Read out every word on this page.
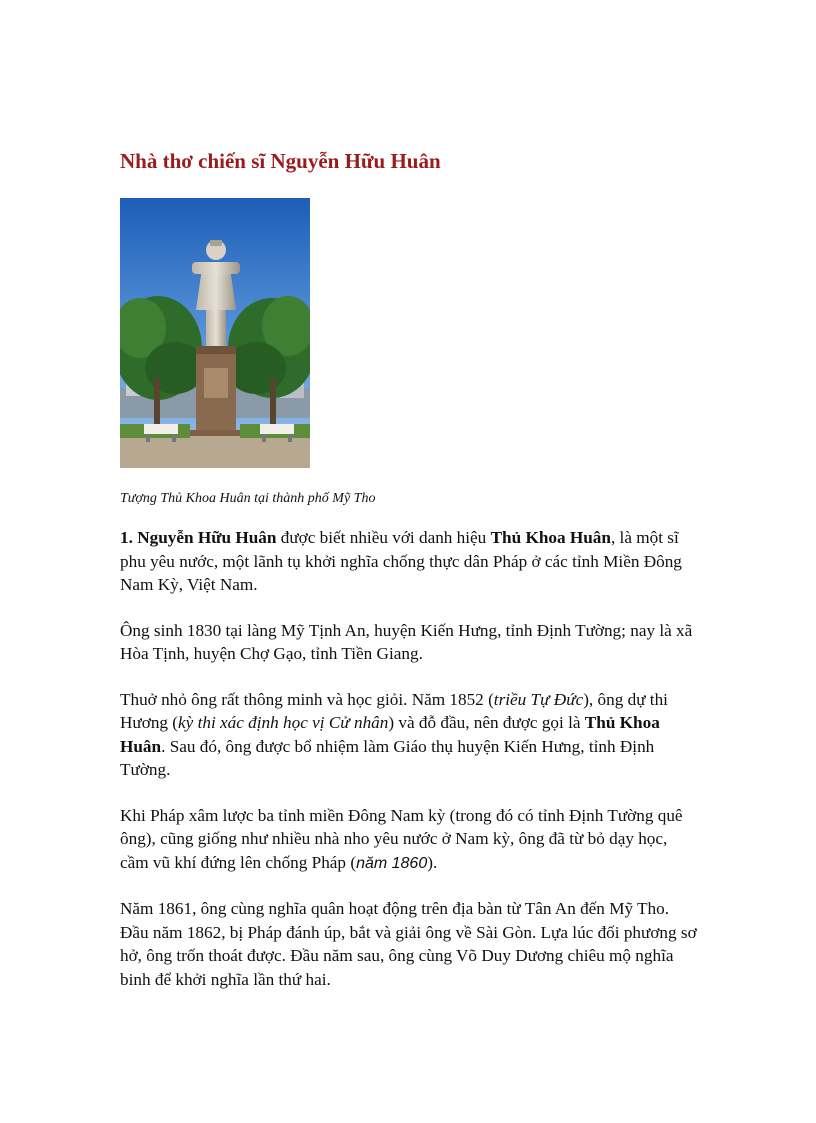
Nhà thơ chiến sĩ Nguyễn Hữu Huân
Tượng Thủ Khoa Huân tại thành phố Mỹ Tho

1. Nguyễn Hữu Huân được biết nhiều với danh hiệu Thủ Khoa Huân, là một sĩ phu yêu nước, một lãnh tụ khởi nghĩa chống thực dân Pháp ở các tỉnh Miền Đông Nam Kỳ, Việt Nam.

Ông sinh 1830 tại làng Mỹ Tịnh An, huyện Kiến Hưng, tỉnh Định Tường; nay là xã Hòa Tịnh, huyện Chợ Gạo, tỉnh Tiền Giang.

Thuở nhỏ ông rất thông minh và học giỏi. Năm 1852 (triều Tự Đức), ông dự thi Hương (kỳ thi xác định học vị Cử nhân) và đỗ đầu, nên được gọi là Thủ Khoa Huân. Sau đó, ông được bổ nhiệm làm Giáo thụ huyện Kiến Hưng, tỉnh Định Tường.

Khi Pháp xâm lược ba tỉnh miền Đông Nam kỳ (trong đó có tỉnh Định Tường quê ông), cũng giống như nhiều nhà nho yêu nước ở Nam kỳ, ông đã từ bỏ dạy học, cầm vũ khí đứng lên chống Pháp (năm 1860).

Năm 1861, ông cùng nghĩa quân hoạt động trên địa bàn từ Tân An đến Mỹ Tho. Đầu năm 1862, bị Pháp đánh úp, bắt và giải ông về Sài Gòn. Lựa lúc đối phương sơ hở, ông trốn thoát được. Đầu năm sau, ông cùng Võ Duy Dương chiêu mộ nghĩa binh để khởi nghĩa lần thứ hai.
